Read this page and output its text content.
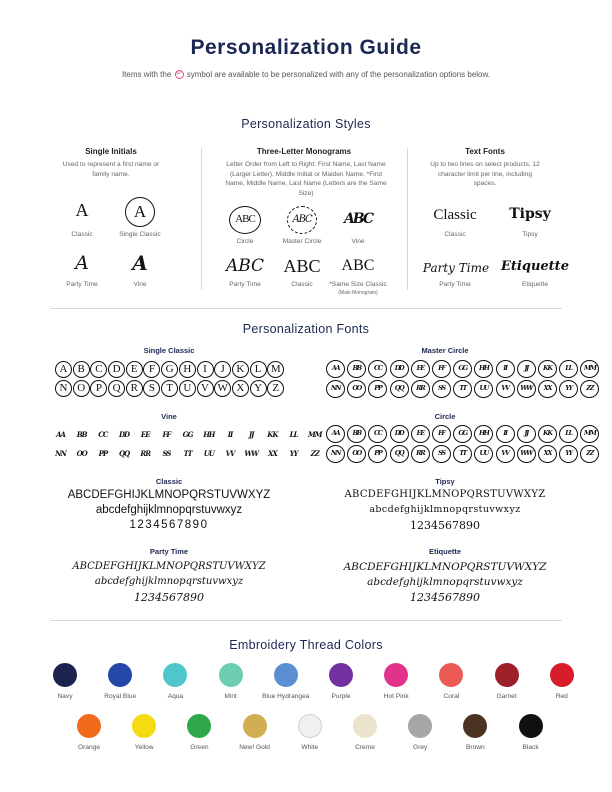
Personalization Guide
Items with the P symbol are available to be personalized with any of the personalization options below.
Personalization Styles
Single Initials
Used to represent a first name or family name.
A
Classic
A
Single Classic
A
Party Time
A
Vine
Three-Letter Monograms
Letter Order from Left to Right: First Name, Last Name (Larger Letter), Middle Initial or Maiden Name. *First Name, Middle Name, Last Name (Letters are the Same Size)
ABC
Circle
ABC
Master Circle
ABC
Vine
ABC
Party Time
ABC
Classic
ABC
*Same Size Classic
(Male Monogram)
Text Fonts
Up to two lines on select products, 12 character limit per line, including spaces.
Classic
Classic
Tipsy
Tipsy
Party Time
Party Time
Etiquette
Etiquette
Personalization Fonts
Single Classic
A B C D E	F G H	I	J	K L M
N O P Q R S	T U V W X Y Z
Master Circle
AA	BB	CC	DD	EE	FF	GG	HH	II	JJ	KK	LL	MM
NN	OO	PP	QQ	RR	SS	TT	UU	VV	WW	XX	YY	ZZ
Vine
AA	BB	CC	DD	EE	FF	GG	HH	II	JJ	KK	LL	MM
NN	OO	PP	QQ	RR	SS	TT	UU	VV	WW	XX	YY	ZZ
Circle
AA	BB	CC	DD	EE	FF	GG	HH	II	JJ	KK	LL	MM
NN	OO	PP	QQ	RR	SS	TT	UU	VV	WW	XX	YY	ZZ
Classic
ABCDEFGHIJKLMNOPQRSTUVWXYZ
abcdefghijklmnopqrstuvwxyz
1234567890
Tipsy
ABCDEFGHIJKLMNOPQRSTUVWXYZ
abcdefghijklmnopqrstuvwxyz
1234567890
Party Time
ABCDEFGHIJKLMNOPQRSTUVWXYZ
abcdefghijklmnopqrstuvwxyz
1234567890
Etiquette
ABCDEFGHIJKLMNOPQRSTUVWXYZ
abcdefghijklmnopqrstuvwxyz
1234567890
Embroidery Thread Colors
Navy	Royal Blue	Aqua	Mint	Blue Hydrangea	Purple	Hot Pink	Coral	Garnet	Red
Orange	Yellow	Green	New! Gold	White	Creme	Grey	Brown	Black
